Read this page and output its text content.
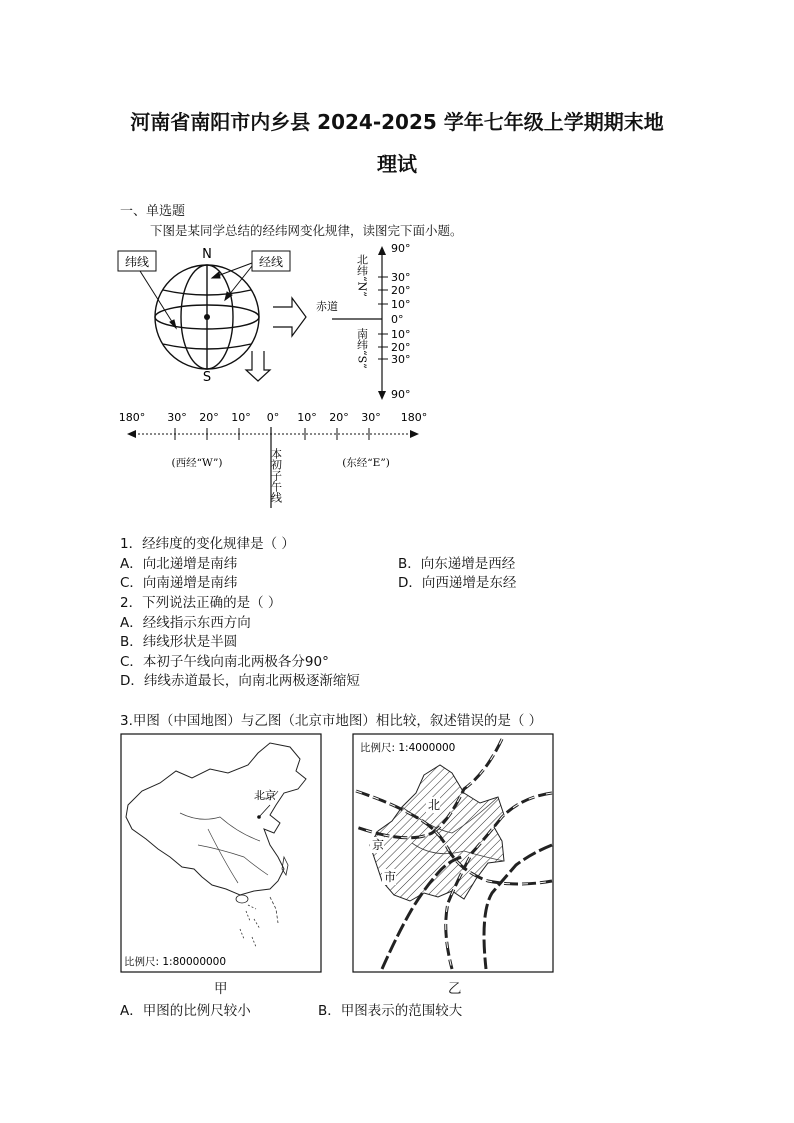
河南省南阳市内乡县 2024-2025 学年七年级上学期期末地
理试
一、单选题
下图是某同学总结的经纬网变化规律，读图完下面小题。
纬线	经线
N
S
90°
30°
20°
10°
0°
10°
20°
30°
90°
赤道
北纬“N”
南纬“S”
180° 30° 20° 10° 0° 10° 20° 30° 180°
(西经“W”)	(东经“E”)
本初子午线
1．经纬度的变化规律是（ ）
A．向北递增是南纬	B．向东递增是西经
C．向南递增是南纬	D．向西递增是东经
2．下列说法正确的是（ ）
A．经线指示东西方向
B．纬线形状是半圆
C．本初子午线向南北两极各分90°
D．纬线赤道最长，向南北两极逐渐缩短
3.甲图（中国地图）与乙图（北京市地图）相比较，叙述错误的是（ ）
北京
比例尺: 1:80000000
比例尺: 1:4000000
北
京
市
甲	乙
A．甲图的比例尺较小	B．甲图表示的范围较大
